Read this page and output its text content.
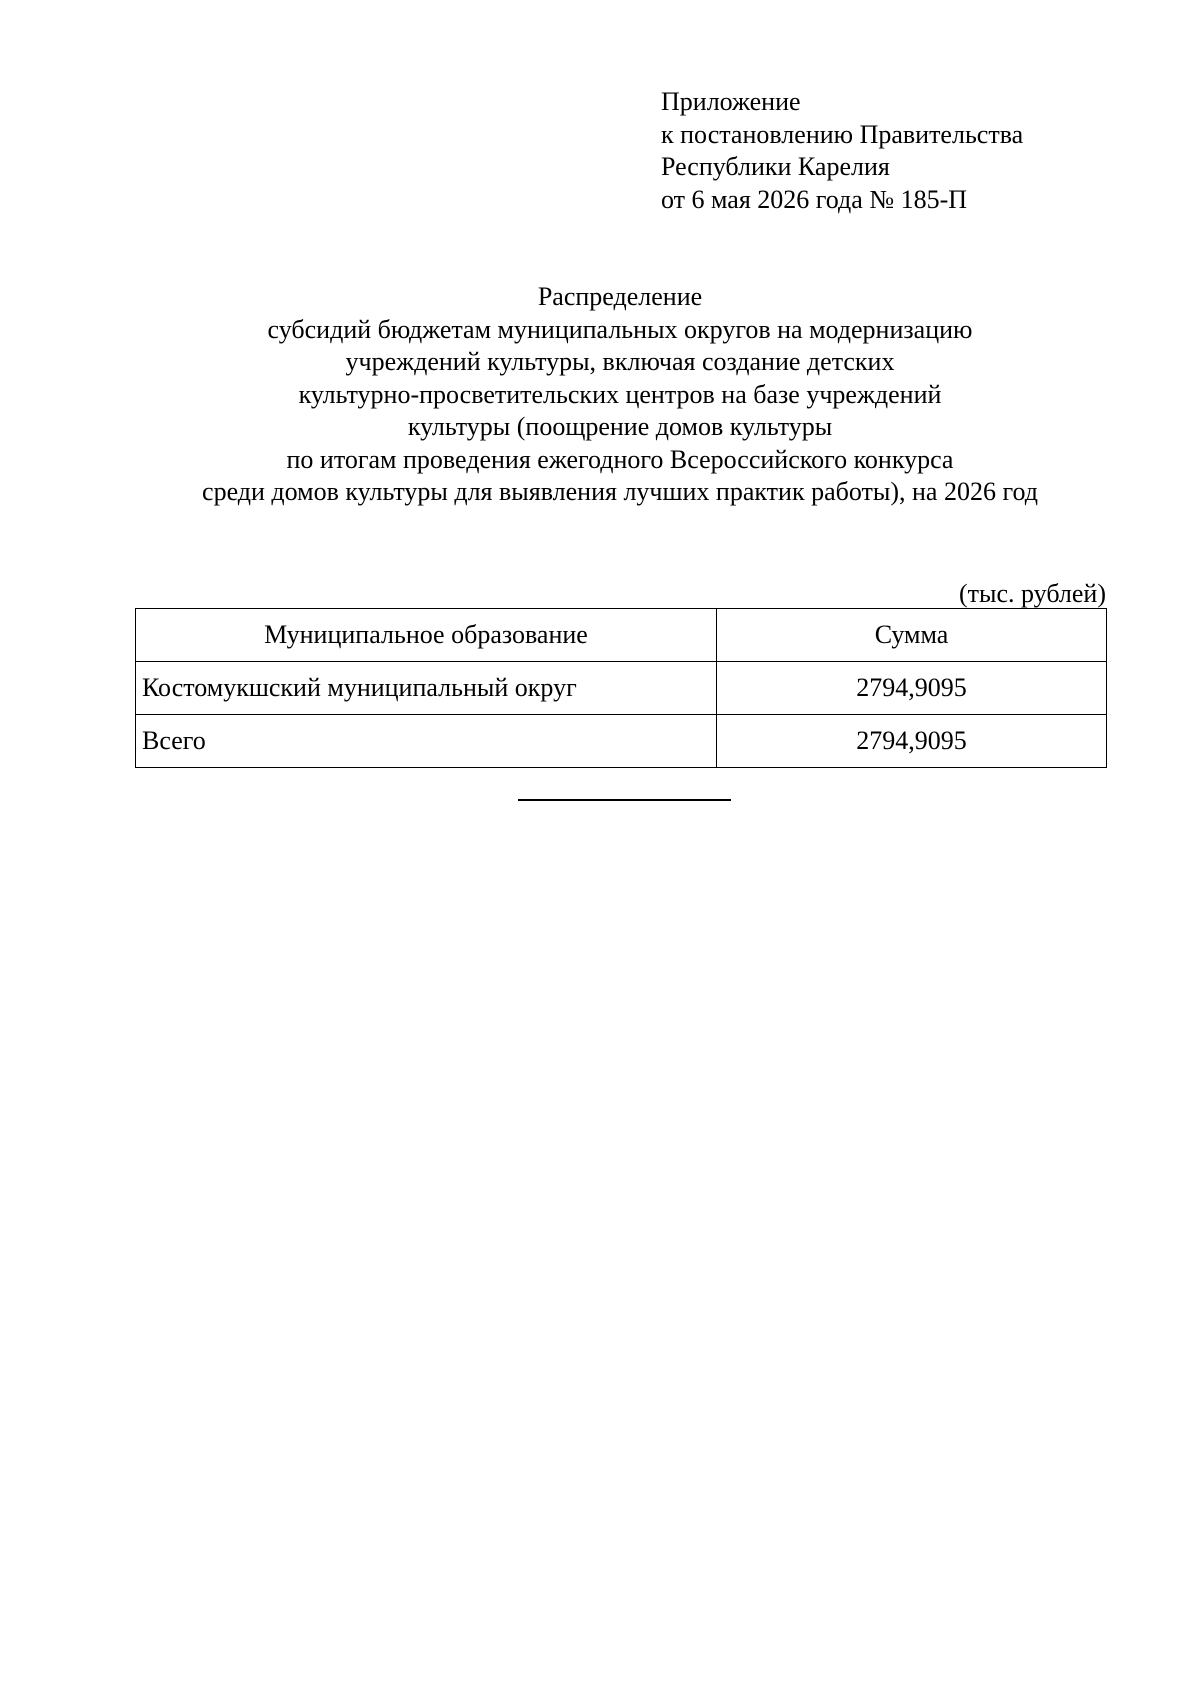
Приложение
к постановлению Правительства
Республики Карелия
от 6 мая 2026 года № 185-П
Распределение
субсидий бюджетам муниципальных округов на модернизацию
учреждений культуры, включая создание детских
культурно-просветительских центров на базе учреждений
культуры (поощрение домов культуры
по итогам проведения ежегодного Всероссийского конкурса
среди домов культуры для выявления лучших практик работы), на 2026 год
(тыс. рублей)
Муниципальное образование	Сумма
Костомукшский муниципальный округ	2794,9095
Всего	2794,9095
